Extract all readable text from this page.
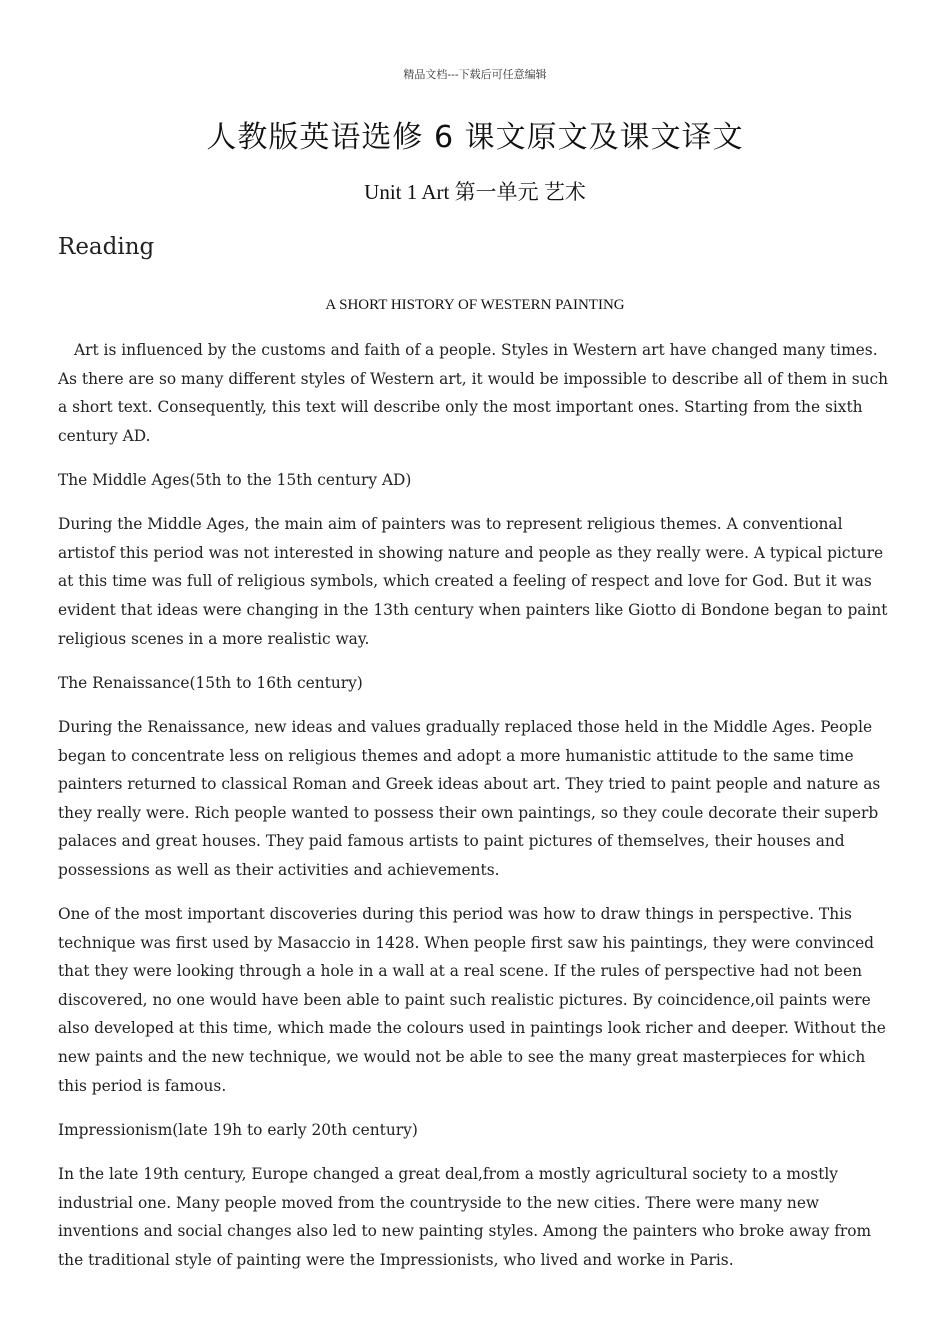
精品文档---下载后可任意编辑
人教版英语选修 6 课文原文及课文译文
Unit 1 Art 第一单元 艺术
Reading
A SHORT HISTORY OF WESTERN PAINTING

Art is influenced by the customs and faith of a people. Styles in Western art have changed many times. As there are so many different styles of Western art, it would be impossible to describe all of them in such a short text. Consequently, this text will describe only the most important ones. Starting from the sixth century AD.

The Middle Ages(5th to the 15th century AD)

During the Middle Ages, the main aim of painters was to represent religious themes. A conventional artistof this period was not interested in showing nature and people as they really were. A typical picture at this time was full of religious symbols, which created a feeling of respect and love for God. But it was evident that ideas were changing in the 13th century when painters like Giotto di Bondone began to paint religious scenes in a more realistic way.

The Renaissance(15th to 16th century)

During the Renaissance, new ideas and values gradually replaced those held in the Middle Ages. People began to concentrate less on religious themes and adopt a more humanistic attitude to the same time painters returned to classical Roman and Greek ideas about art. They tried to paint people and nature as they really were. Rich people wanted to possess their own paintings, so they coule decorate their superb palaces and great houses. They paid famous artists to paint pictures of themselves, their houses and possessions as well as their activities and achievements.

One of the most important discoveries during this period was how to draw things in perspective. This technique was first used by Masaccio in 1428. When people first saw his paintings, they were convinced that they were looking through a hole in a wall at a real scene. If the rules of perspective had not been discovered, no one would have been able to paint such realistic pictures. By coincidence,oil paints were also developed at this time, which made the colours used in paintings look richer and deeper. Without the new paints and the new technique, we would not be able to see the many great masterpieces for which this period is famous.

Impressionism(late 19h to early 20th century)

In the late 19th century, Europe changed a great deal,from a mostly agricultural society to a mostly industrial one. Many people moved from the countryside to the new cities. There were many new inventions and social changes also led to new painting styles. Among the painters who broke away from the traditional style of painting were the Impressionists, who lived and worke in Paris.
